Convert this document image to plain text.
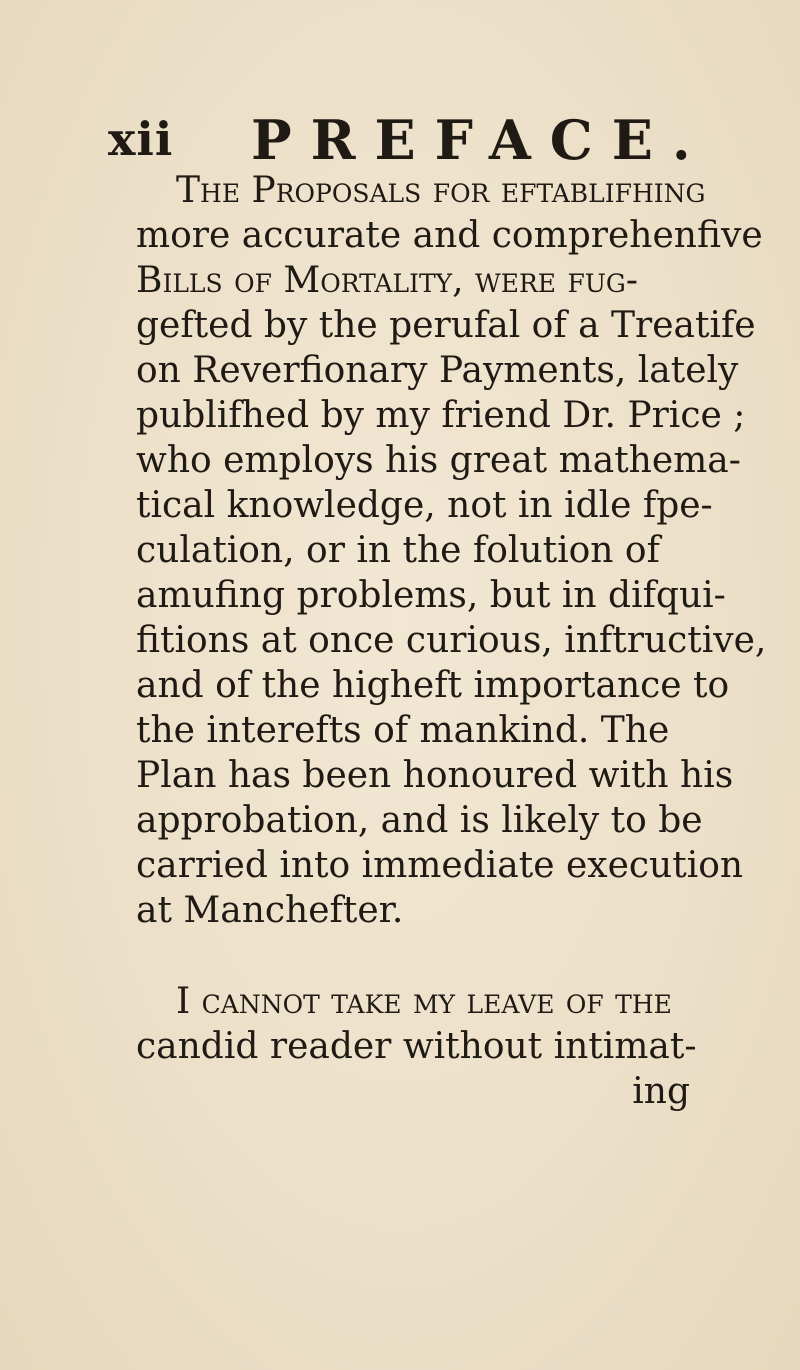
xii PREFACE.
The Proposals for eftablifhing
more accurate and comprehenfive
Bills of Mortality, were fug-
gefted by the perufal of a Treatife
on Reverfionary Payments, lately
publifhed by my friend Dr. Price ;
who employs his great mathema-
tical knowledge, not in idle fpe-
culation, or in the folution of
amufing problems, but in difqui-
fitions at once curious, inftructive,
and of the higheft importance to
the interefts of mankind. The
Plan has been honoured with his
approbation, and is likely to be
carried into immediate execution
at Manchefter.
I cannot take my leave of the
candid reader without intimat-
ing
